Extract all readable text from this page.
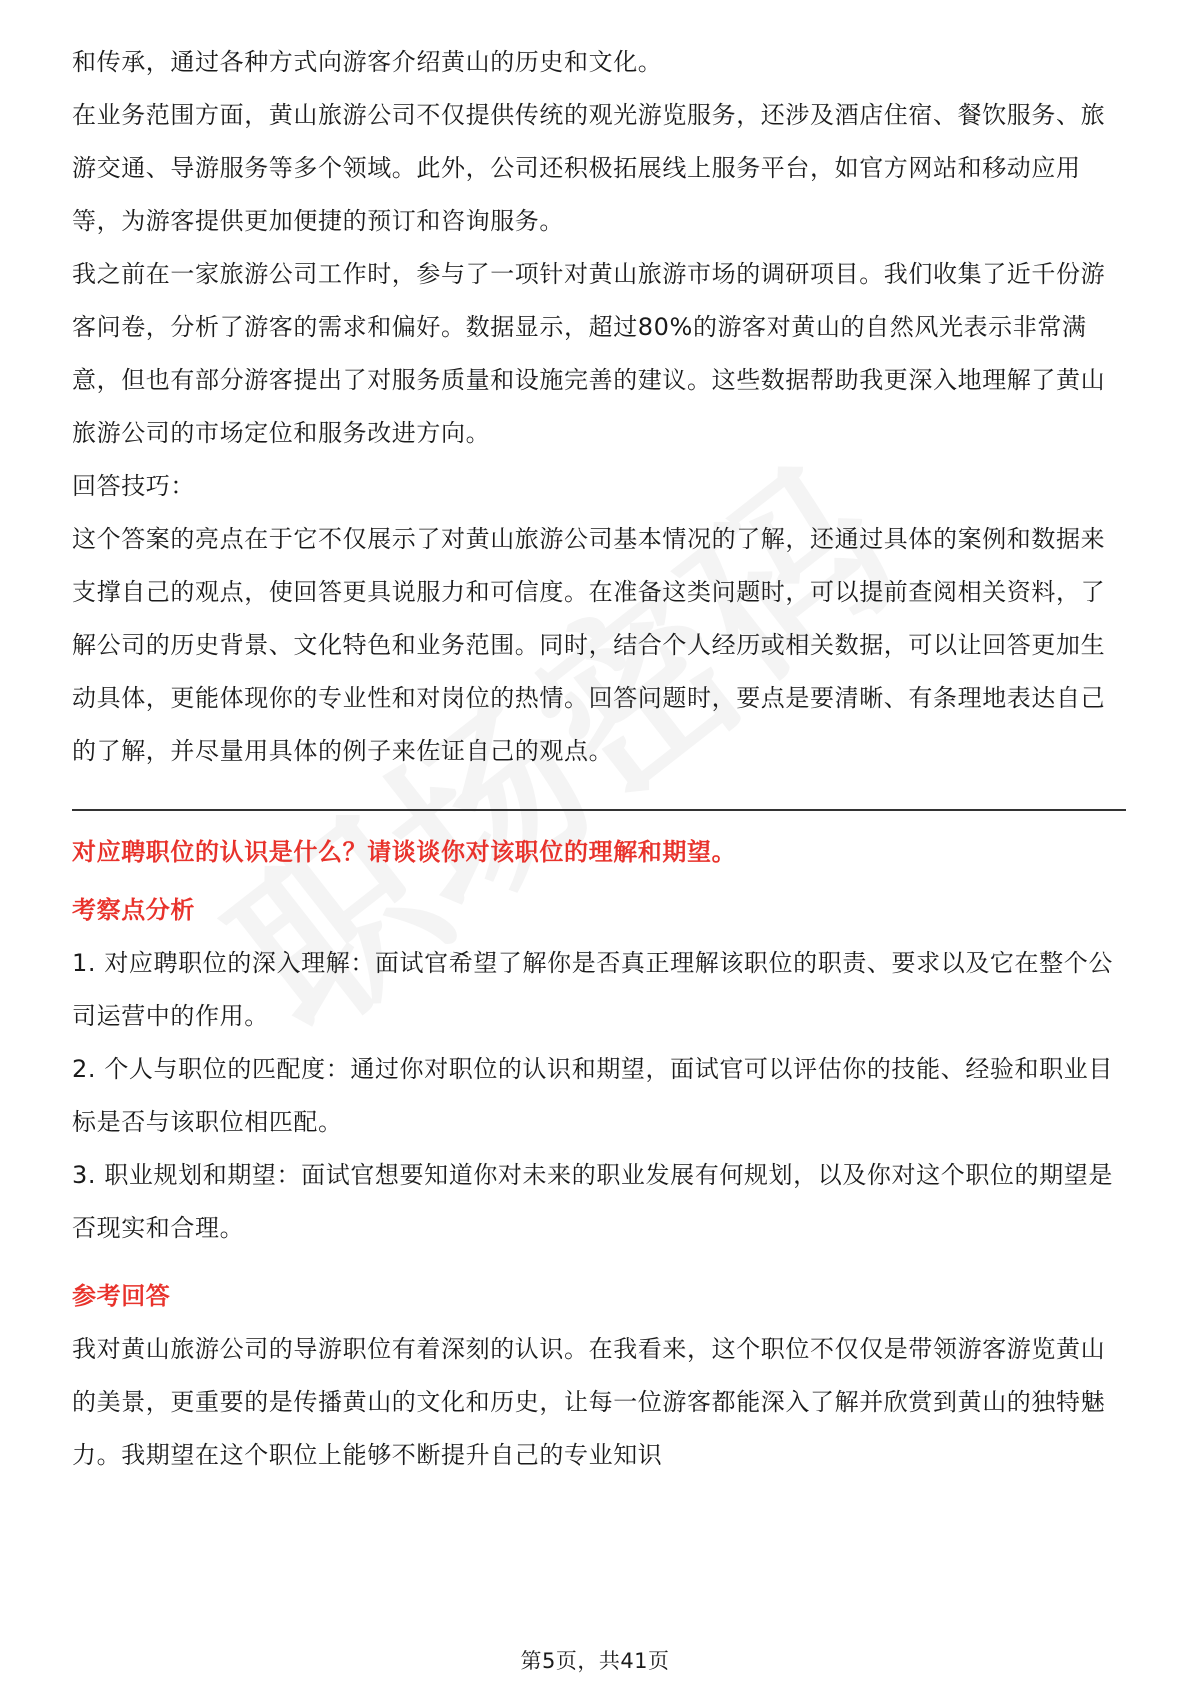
和传承，通过各种方式向游客介绍黄山的历史和文化。

在业务范围方面，黄山旅游公司不仅提供传统的观光游览服务，还涉及酒店住宿、餐饮服务、旅游交通、导游服务等多个领域。此外，公司还积极拓展线上服务平台，如官方网站和移动应用等，为游客提供更加便捷的预订和咨询服务。

我之前在一家旅游公司工作时，参与了一项针对黄山旅游市场的调研项目。我们收集了近千份游客问卷，分析了游客的需求和偏好。数据显示，超过80%的游客对黄山的自然风光表示非常满意，但也有部分游客提出了对服务质量和设施完善的建议。这些数据帮助我更深入地理解了黄山旅游公司的市场定位和服务改进方向。

回答技巧：

这个答案的亮点在于它不仅展示了对黄山旅游公司基本情况的了解，还通过具体的案例和数据来支撑自己的观点，使回答更具说服力和可信度。在准备这类问题时，可以提前查阅相关资料，了解公司的历史背景、文化特色和业务范围。同时，结合个人经历或相关数据，可以让回答更加生动具体，更能体现你的专业性和对岗位的热情。回答问题时，要点是要清晰、有条理地表达自己的了解，并尽量用具体的例子来佐证自己的观点。

对应聘职位的认识是什么？请谈谈你对该职位的理解和期望。

考察点分析

1. 对应聘职位的深入理解：面试官希望了解你是否真正理解该职位的职责、要求以及它在整个公司运营中的作用。

2. 个人与职位的匹配度：通过你对职位的认识和期望，面试官可以评估你的技能、经验和职业目标是否与该职位相匹配。

3. 职业规划和期望：面试官想要知道你对未来的职业发展有何规划，以及你对这个职位的期望是否现实和合理。

参考回答

我对黄山旅游公司的导游职位有着深刻的认识。在我看来，这个职位不仅仅是带领游客游览黄山的美景，更重要的是传播黄山的文化和历史，让每一位游客都能深入了解并欣赏到黄山的独特魅力。我期望在这个职位上能够不断提升自己的专业知识

第5页，共41页
